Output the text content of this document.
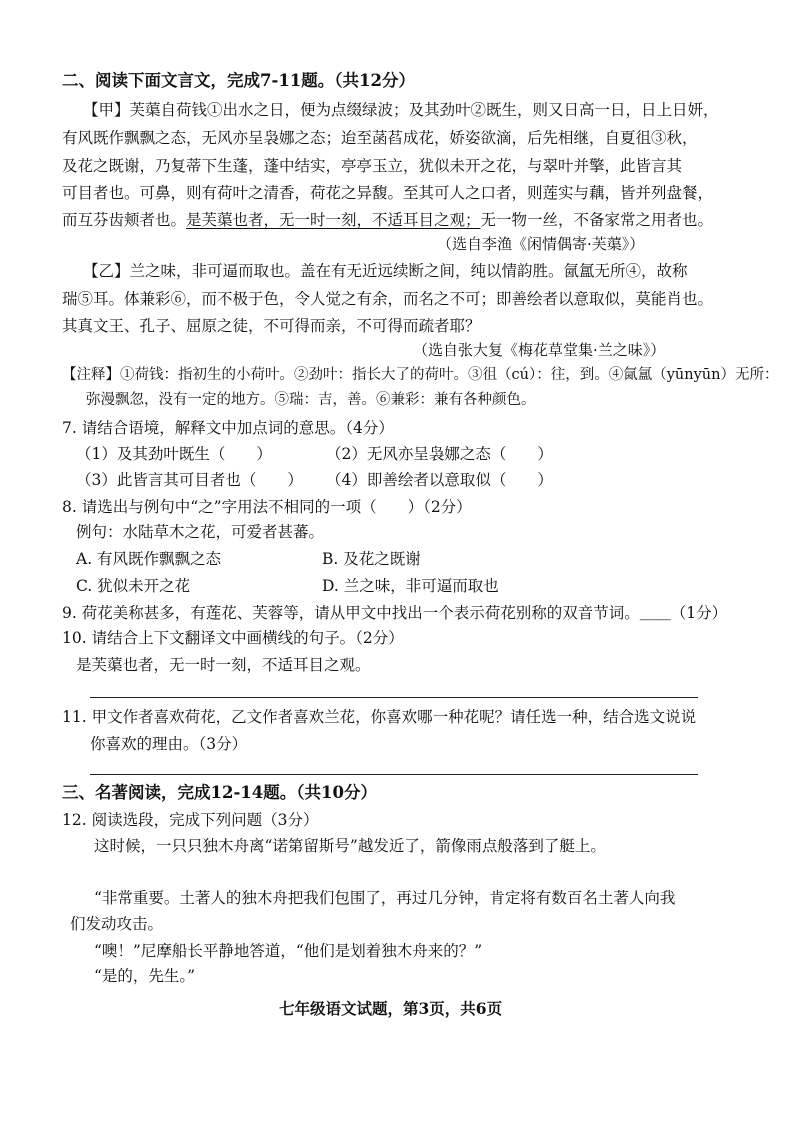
二、阅读下面文言文，完成7-11题。（共12分）
【甲】芙蕖自荷钱①出水之日，便为点缀绿波；及其劲叶②既生，则又日高一日，日上日妍，
有风既作飘飘之态，无风亦呈袅娜之态；迨至菡萏成花，娇姿欲滴，后先相继，自夏徂③秋，
及花之既谢，乃复蒂下生蓬，蓬中结实，亭亭玉立，犹似未开之花，与翠叶并擎，此皆言其
可目者也。可鼻，则有荷叶之清香，荷花之异馥。至其可人之口者，则莲实与藕，皆并列盘餐，
而互芬齿颊者也。是芙蕖也者，无一时一刻，不适耳目之观；无一物一丝，不备家常之用者也。
（选自李渔《闲情偶寄·芙蕖》）
【乙】兰之味，非可逼而取也。盖在有无近远续断之间，纯以情韵胜。氤氲无所④，故称
瑞⑤耳。体兼彩⑥，而不极于色，令人觉之有余，而名之不可；即善绘者以意取似，莫能肖也。
其真文王、孔子、屈原之徒，不可得而亲，不可得而疏者耶？
（选自张大复《梅花草堂集·兰之味》）
【注释】①荷钱：指初生的小荷叶。②劲叶：指长大了的荷叶。③徂（cú）：往，到。④氤氲（yūnyūn）无所：
弥漫飘忽，没有一定的地方。⑤瑞：吉，善。⑥兼彩：兼有各种颜色。
7. 请结合语境，解释文中加点词的意思。（4分）
（1）及其劲叶既生（　　）	（2）无风亦呈袅娜之态（　　）
（3）此皆言其可目者也（　　） （4）即善绘者以意取似（　　）
8. 请选出与例句中“之”字用法不相同的一项（　　）（2分）
例句：水陆草木之花，可爱者甚蕃。
A. 有风既作飘飘之态	B. 及花之既谢
C. 犹似未开之花	D. 兰之味，非可逼而取也
9. 荷花美称甚多，有莲花、芙蓉等，请从甲文中找出一个表示荷花别称的双音节词。＿＿（1分）
10. 请结合上下文翻译文中画横线的句子。（2分）
是芙蕖也者，无一时一刻，不适耳目之观。
11. 甲文作者喜欢荷花，乙文作者喜欢兰花，你喜欢哪一种花呢？请任选一种，结合选文说说
你喜欢的理由。（3分）
三、名著阅读，完成12-14题。（共10分）
12. 阅读选段，完成下列问题（3分）
这时候，一只只独木舟离“诺第留斯号”越发近了，箭像雨点般落到了艇上。
“非常重要。土著人的独木舟把我们包围了，再过几分钟，肯定将有数百名土著人向我
们发动攻击。
“噢！”尼摩船长平静地答道，“他们是划着独木舟来的？”
“是的，先生。”
七年级语文试题，第3页，共6页
